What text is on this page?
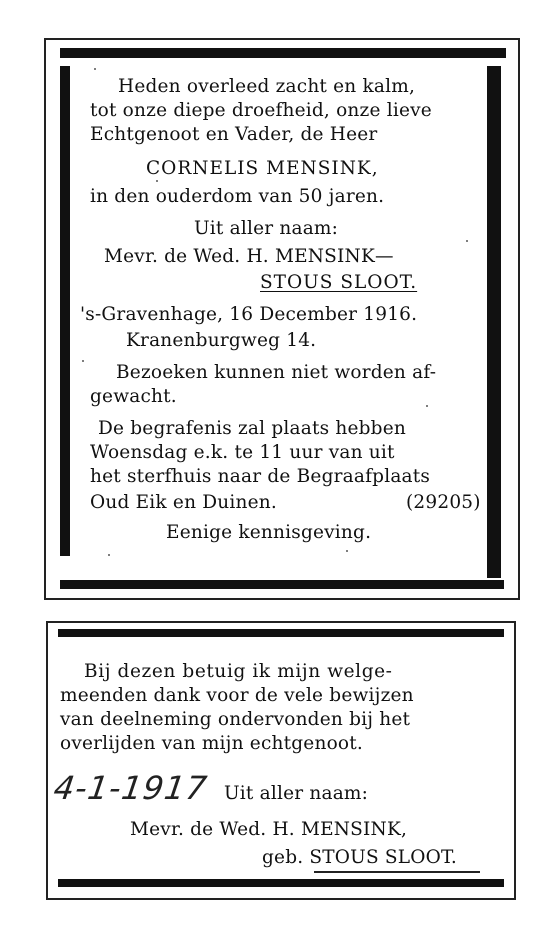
Heden overleed zacht en kalm,
tot onze diepe droefheid, onze lieve
Echtgenoot en Vader, de Heer
CORNELIS MENSINK,
in den ouderdom van 50 jaren.
Uit aller naam:
Mevr. de Wed. H. MENSINK—
STOUS SLOOT.
's-Gravenhage, 16 December 1916.
Kranenburgweg 14.
Bezoeken kunnen niet worden af-
gewacht.
De begrafenis zal plaats hebben
Woensdag e.k. te 11 uur van uit
het sterfhuis naar de Begraafplaats
Oud Eik en Duinen.	(29205)
Eenige kennisgeving.
Bij dezen betuig ik mijn welge-
meenden dank voor de vele bewijzen
van deelneming ondervonden bij het
overlijden van mijn echtgenoot.
4-1-1917 Uit aller naam:
Mevr. de Wed. H. MENSINK,
geb. STOUS SLOOT.
